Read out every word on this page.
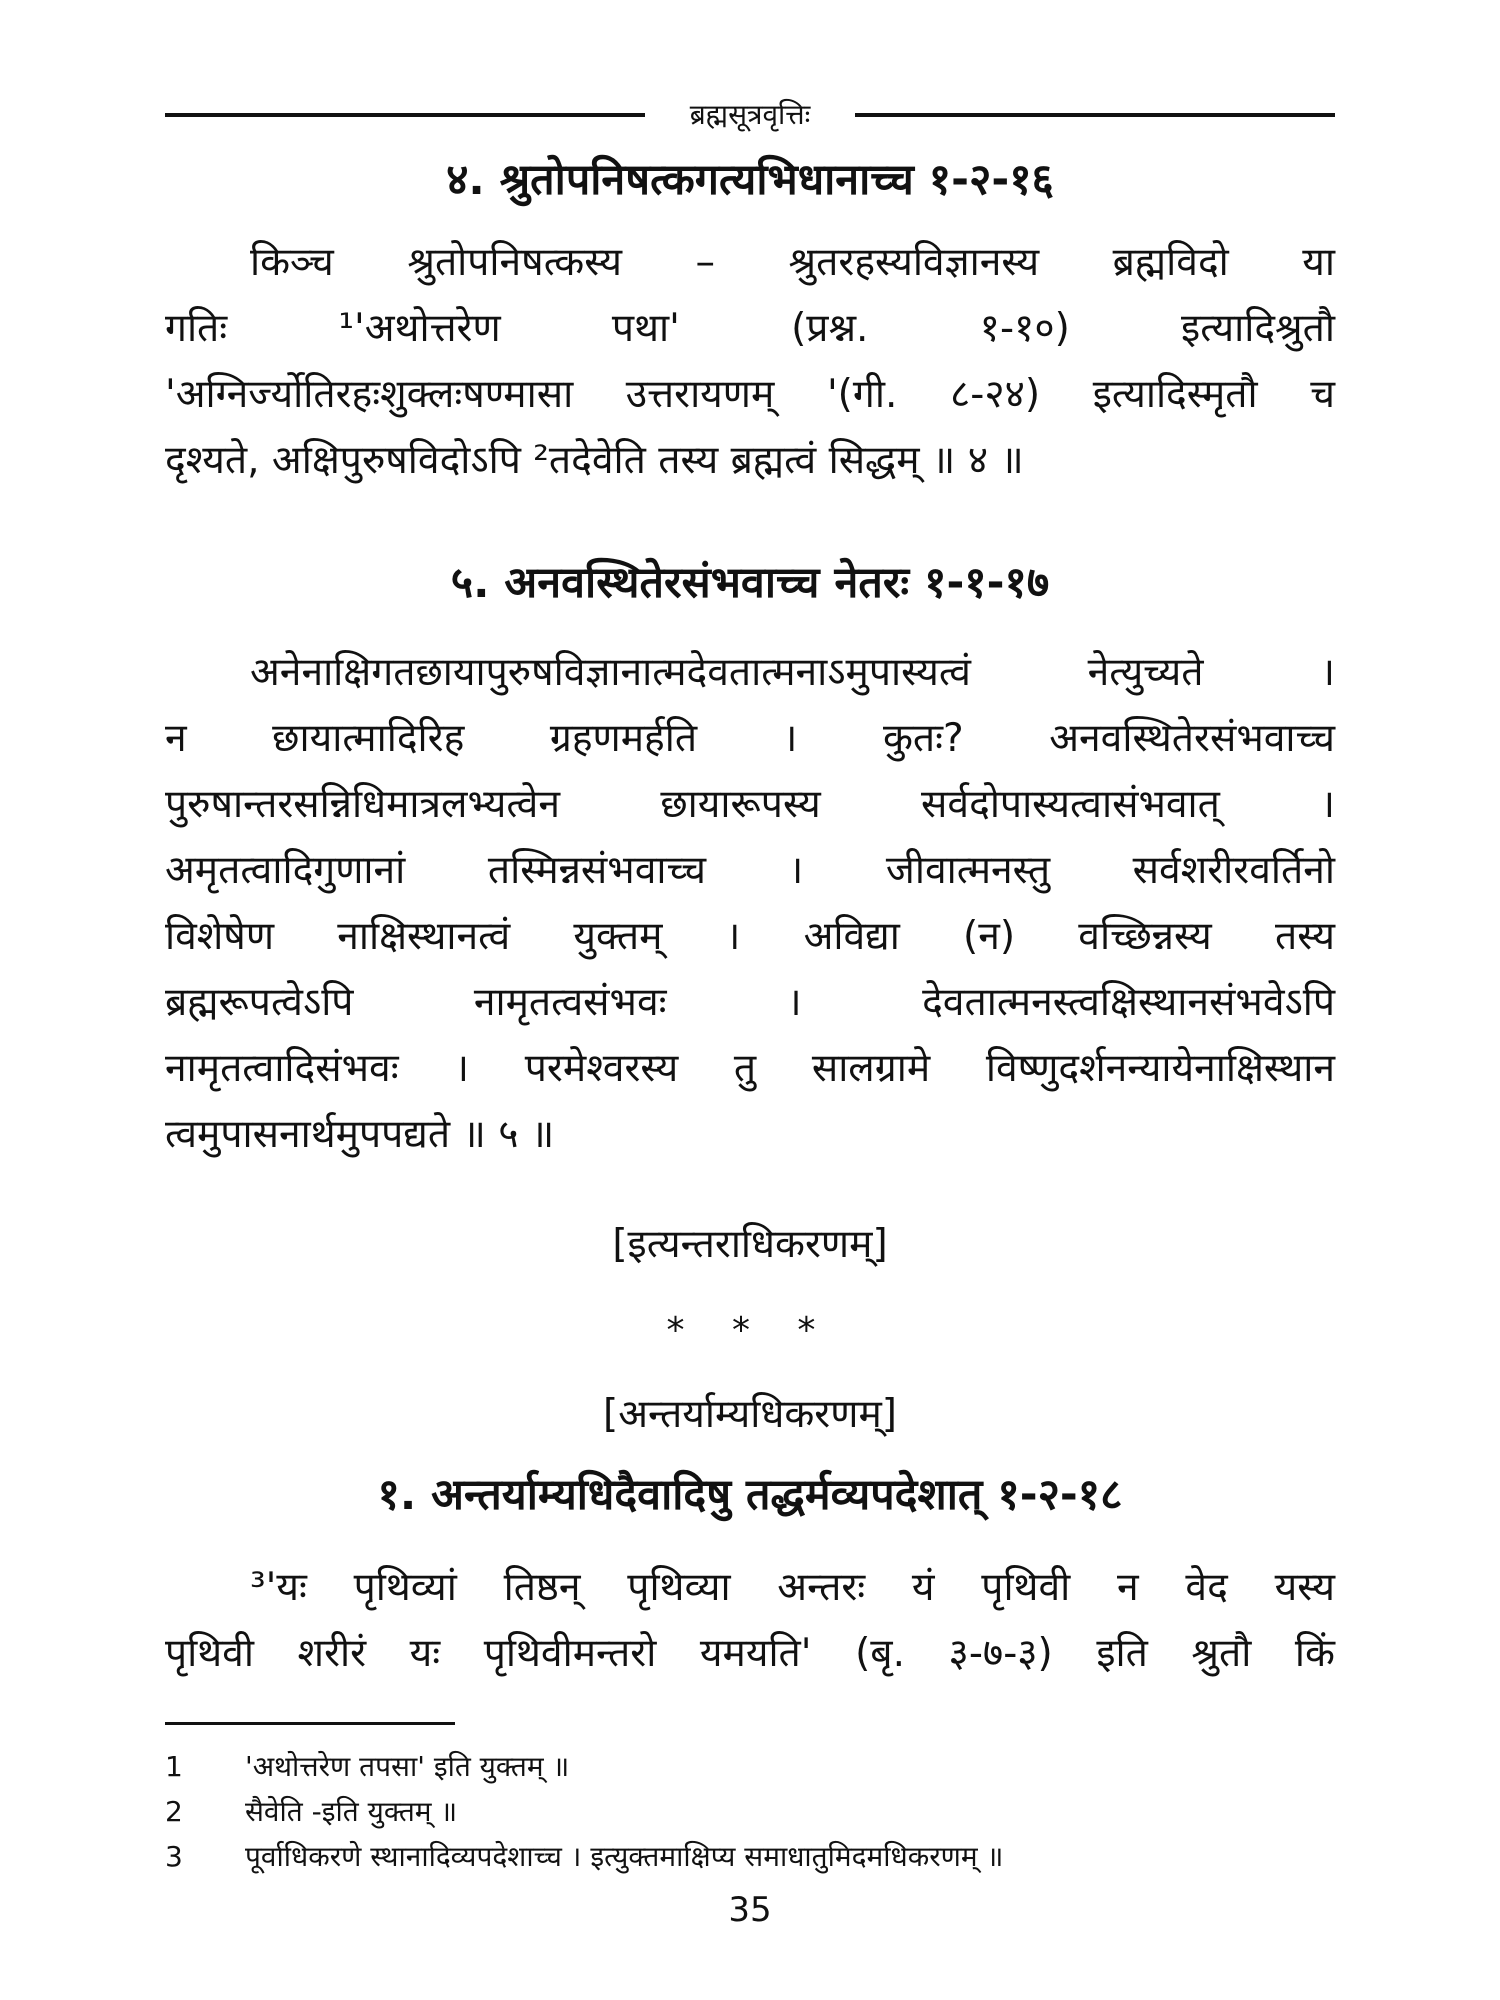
ब्रह्मसूत्रवृत्तिः
४. श्रुतोपनिषत्कगत्यभिधानाच्च १-२-१६
किञ्च श्रुतोपनिषत्कस्य – श्रुतरहस्यविज्ञानस्य ब्रह्मविदो या
गतिः ¹'अथोत्तरेण पथा' (प्रश्न. १-१०) इत्यादिश्रुतौ
'अग्निर्ज्योतिरहःशुक्लःषण्मासा उत्तरायणम् '(गी. ८-२४) इत्यादिस्मृतौ च
दृश्यते, अक्षिपुरुषविदोऽपि ²तदेवेति तस्य ब्रह्मत्वं सिद्धम् ॥ ४ ॥
५. अनवस्थितेरसंभवाच्च नेतरः १-१-१७
अनेनाक्षिगतछायापुरुषविज्ञानात्मदेवतात्मनाऽमुपास्यत्वं नेत्युच्यते ।
न छायात्मादिरिह ग्रहणमर्हति । कुतः? अनवस्थितेरसंभवाच्च
पुरुषान्तरसन्निधिमात्रलभ्यत्वेन छायारूपस्य सर्वदोपास्यत्वासंभवात् ।
अमृतत्वादिगुणानां तस्मिन्नसंभवाच्च । जीवात्मनस्तु सर्वशरीरवर्तिनो
विशेषेण नाक्षिस्थानत्वं युक्तम् । अविद्या (न) वच्छिन्नस्य तस्य
ब्रह्मरूपत्वेऽपि नामृतत्वसंभवः । देवतात्मनस्त्वक्षिस्थानसंभवेऽपि
नामृतत्वादिसंभवः । परमेश्वरस्य तु सालग्रामे विष्णुदर्शनन्यायेनाक्षिस्थान
त्वमुपासनार्थमुपपद्यते ॥ ५ ॥
[इत्यन्तराधिकरणम्]
* * *
[अन्तर्याम्यधिकरणम्]
१. अन्तर्याम्यधिदैवादिषु तद्धर्मव्यपदेशात् १-२-१८
³'यः पृथिव्यां तिष्ठन् पृथिव्या अन्तरः यं पृथिवी न वेद यस्य
पृथिवी शरीरं यः पृथिवीमन्तरो यमयति' (बृ. ३-७-३) इति श्रुतौ किं
1 'अथोत्तरेण तपसा' इति युक्तम् ॥
2 सैवेति -इति युक्तम् ॥
3 पूर्वाधिकरणे स्थानादिव्यपदेशाच्च । इत्युक्तमाक्षिप्य समाधातुमिदमधिकरणम् ॥
35
